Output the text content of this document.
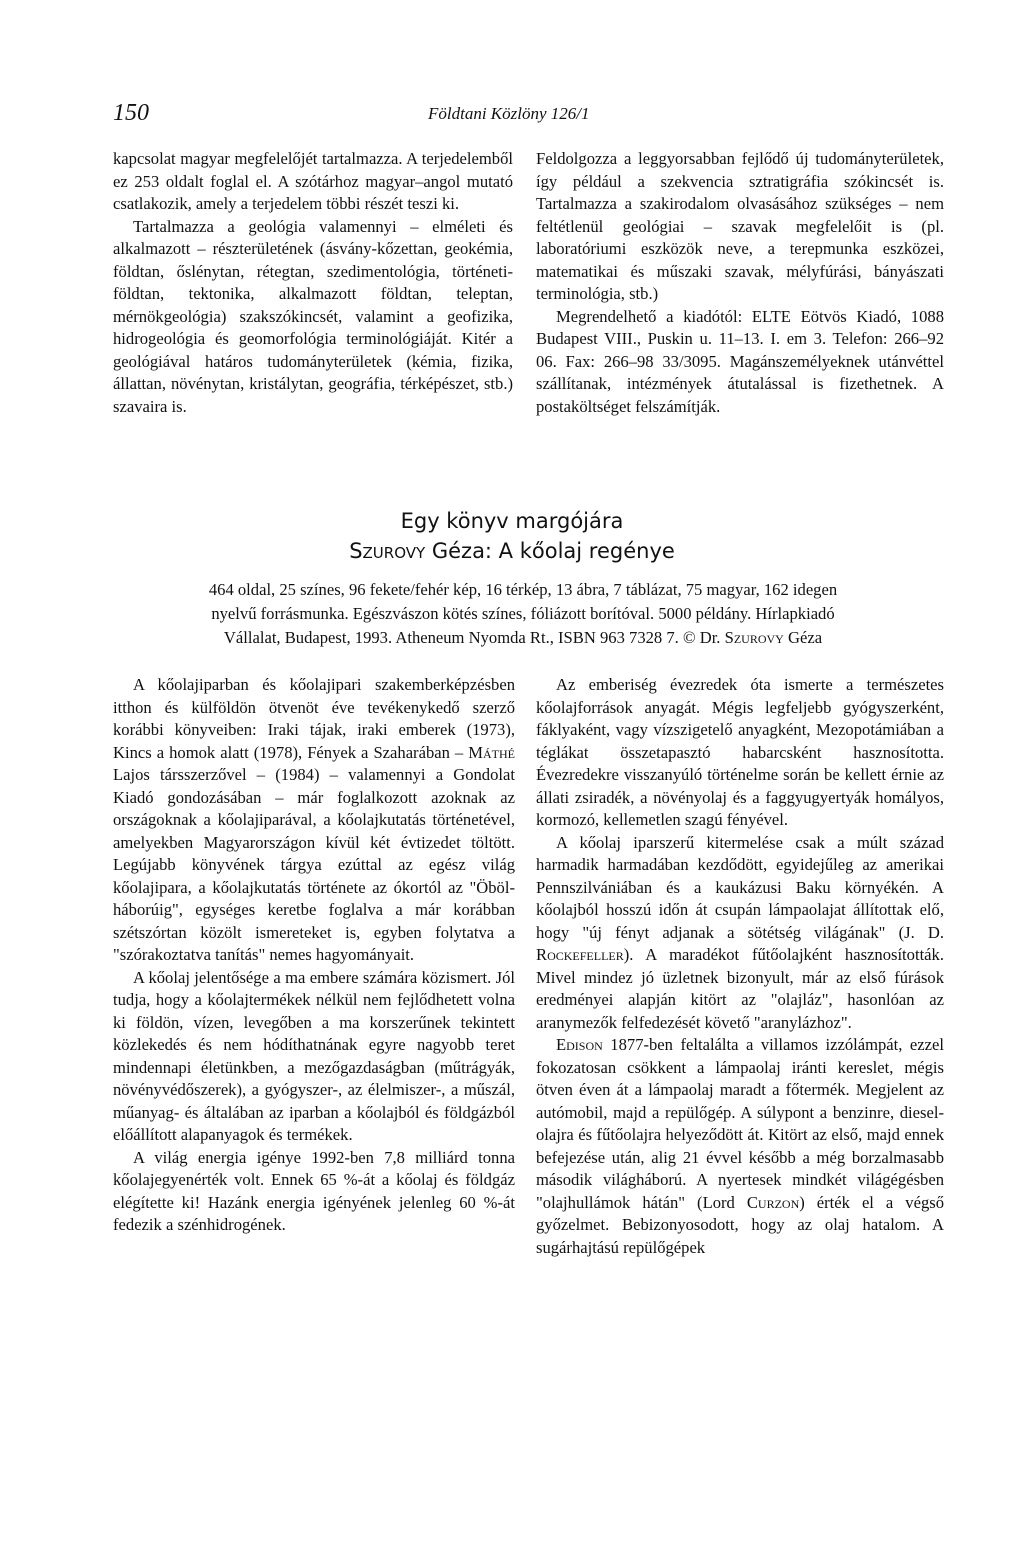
150	Földtani Közlöny 126/1

kapcsolat magyar megfelelőjét tartalmazza. A terjedelemből ez 253 oldalt foglal el. A szótárhoz magyar–angol mutató csatlakozik, amely a terjedelem többi részét teszi ki.

Tartalmazza a geológia valamennyi – elméleti és alkalmazott – részterületének (ásvány-kőzettan, geokémia, földtan, őslénytan, rétegtan, szedimentológia, történeti-földtan, tektonika, alkalmazott földtan, teleptan, mérnökgeológia) szakszókincsét, valamint a geofizika, hidrogeológia és geomorfológia terminológiáját. Kitér a geológiával határos tudományterületek (kémia, fizika, állattan, növénytan, kristálytan, geográfia, térképészet, stb.) szavaira is.

Feldolgozza a leggyorsabban fejlődő új tudományterületek, így például a szekvencia sztratigráfia szókincsét is. Tartalmazza a szakirodalom olvasásához szükséges – nem feltétlenül geológiai – szavak megfelelőit is (pl. laboratóriumi eszközök neve, a terepmunka eszközei, matematikai és műszaki szavak, mélyfúrási, bányászati terminológia, stb.)

Megrendelhető a kiadótól: ELTE Eötvös Kiadó, 1088 Budapest VIII., Puskin u. 11–13. I. em 3. Telefon: 266–92 06. Fax: 266–98 33/3095. Magánszemélyeknek utánvéttel szállítanak, intézmények átutalással is fizethetnek. A postaköltséget felszámítják.

Egy könyv margójára
Szurovy Géza: A kőolaj regénye
464 oldal, 25 színes, 96 fekete/fehér kép, 16 térkép, 13 ábra, 7 táblázat, 75 magyar, 162 idegen
nyelvű forrásmunka. Egészvászon kötés színes, fóliázott borítóval. 5000 példány. Hírlapkiadó
Vállalat, Budapest, 1993. Atheneum Nyomda Rt., ISBN 963 7328 7. © Dr. Szurovy Géza

A kőolajiparban és kőolajipari szakemberképzésben itthon és külföldön ötvenöt éve tevékenykedő szerző korábbi könyveiben: Iraki tájak, iraki emberek (1973), Kincs a homok alatt (1978), Fények a Szaharában – Máthé Lajos társszerzővel – (1984) – valamennyi a Gondolat Kiadó gondozásában – már foglalkozott azoknak az országoknak a kőolajiparával, a kőolajkutatás történetével, amelyekben Magyarországon kívül két évtizedet töltött. Legújabb könyvének tárgya ezúttal az egész világ kőolajipara, a kőolajkutatás története az ókortól az "Öböl-háborúig", egységes keretbe foglalva a már korábban szétszórtan közölt ismereteket is, egyben folytatva a "szórakoztatva tanítás" nemes hagyományait.

A kőolaj jelentősége a ma embere számára közismert. Jól tudja, hogy a kőolajtermékek nélkül nem fejlődhetett volna ki földön, vízen, levegőben a ma korszerűnek tekintett közlekedés és nem hódíthatnának egyre nagyobb teret mindennapi életünkben, a mezőgazdaságban (műtrágyák, növényvédőszerek), a gyógyszer-, az élelmiszer-, a műszál, műanyag- és általában az iparban a kőolajból és földgázból előállított alapanyagok és termékek.

A világ energia igénye 1992-ben 7,8 milliárd tonna kőolajegyenérték volt. Ennek 65 %-át a kőolaj és földgáz elégítette ki! Hazánk energia igényének jelenleg 60 %-át fedezik a szénhidrogének.

Az emberiség évezredek óta ismerte a természetes kőolajforrások anyagát. Mégis legfeljebb gyógyszerként, fáklyaként, vagy vízszigetelő anyagként, Mezopotámiában a téglákat összetapasztó habarcsként hasznosította. Évezredekre visszanyúló történelme során be kellett érnie az állati zsiradék, a növényolaj és a faggyugyertyák homályos, kormozó, kellemetlen szagú fényével.

A kőolaj iparszerű kitermelése csak a múlt század harmadik harmadában kezdődött, egyidejűleg az amerikai Pennszilvániában és a kaukázusi Baku környékén. A kőolajból hosszú időn át csupán lámpaolajat állítottak elő, hogy "új fényt adjanak a sötétség világának" (J. D. Rockefeller). A maradékot fűtőolajként hasznosították. Mivel mindez jó üzletnek bizonyult, már az első fúrások eredményei alapján kitört az "olajláz", hasonlóan az aranymezők felfedezését követő "aranylázhoz".

Edison 1877-ben feltalálta a villamos izzólámpát, ezzel fokozatosan csökkent a lámpaolaj iránti kereslet, mégis ötven éven át a lámpaolaj maradt a főtermék. Megjelent az autómobil, majd a repülőgép. A súlypont a benzinre, diesel-olajra és fűtőolajra helyeződött át. Kitört az első, majd ennek befejezése után, alig 21 évvel később a még borzalmasabb második világháború. A nyertesek mindkét világégésben "olajhullámok hátán" (Lord Curzon) érték el a végső győzelmet. Bebizonyosodott, hogy az olaj hatalom. A sugárhajtású repülőgépek
